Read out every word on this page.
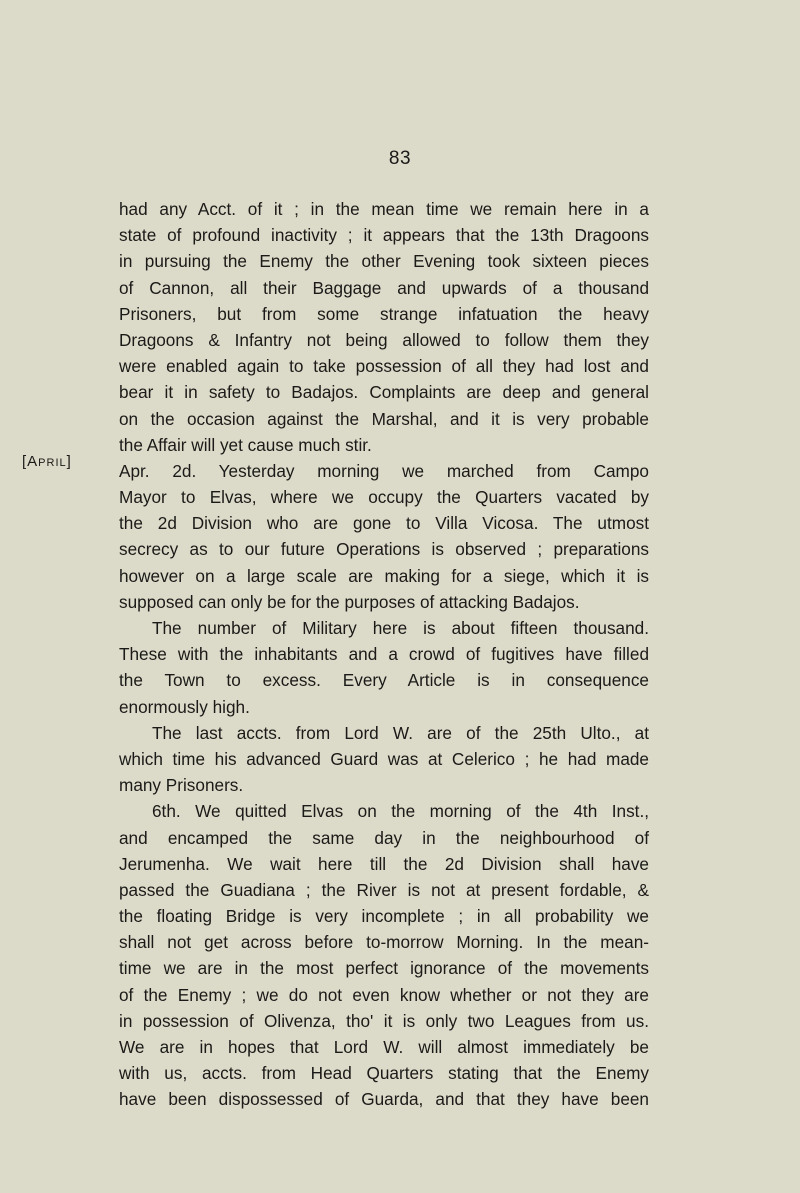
83
[April]
had any Acct. of it ; in the mean time we remain here in a
state of profound inactivity ; it appears that the 13th Dragoons
in pursuing the Enemy the other Evening took sixteen pieces
of Cannon, all their Baggage and upwards of a thousand
Prisoners, but from some strange infatuation the heavy
Dragoons & Infantry not being allowed to follow them they
were enabled again to take possession of all they had lost and
bear it in safety to Badajos. Complaints are deep and general
on the occasion against the Marshal, and it is very probable
the Affair will yet cause much stir.
Apr. 2d. Yesterday morning we marched from Campo
Mayor to Elvas, where we occupy the Quarters vacated by
the 2d Division who are gone to Villa Vicosa. The utmost
secrecy as to our future Operations is observed ; preparations
however on a large scale are making for a siege, which it is
supposed can only be for the purposes of attacking Badajos.
The number of Military here is about fifteen thousand.
These with the inhabitants and a crowd of fugitives have filled
the Town to excess. Every Article is in consequence
enormously high.
The last accts. from Lord W. are of the 25th Ulto., at
which time his advanced Guard was at Celerico ; he had made
many Prisoners.
6th. We quitted Elvas on the morning of the 4th Inst.,
and encamped the same day in the neighbourhood of
Jerumenha. We wait here till the 2d Division shall have
passed the Guadiana ; the River is not at present fordable, &
the floating Bridge is very incomplete ; in all probability we
shall not get across before to-morrow Morning. In the mean-
time we are in the most perfect ignorance of the movements
of the Enemy ; we do not even know whether or not they are
in possession of Olivenza, tho' it is only two Leagues from us.
We are in hopes that Lord W. will almost immediately be
with us, accts. from Head Quarters stating that the Enemy
have been dispossessed of Guarda, and that they have been
